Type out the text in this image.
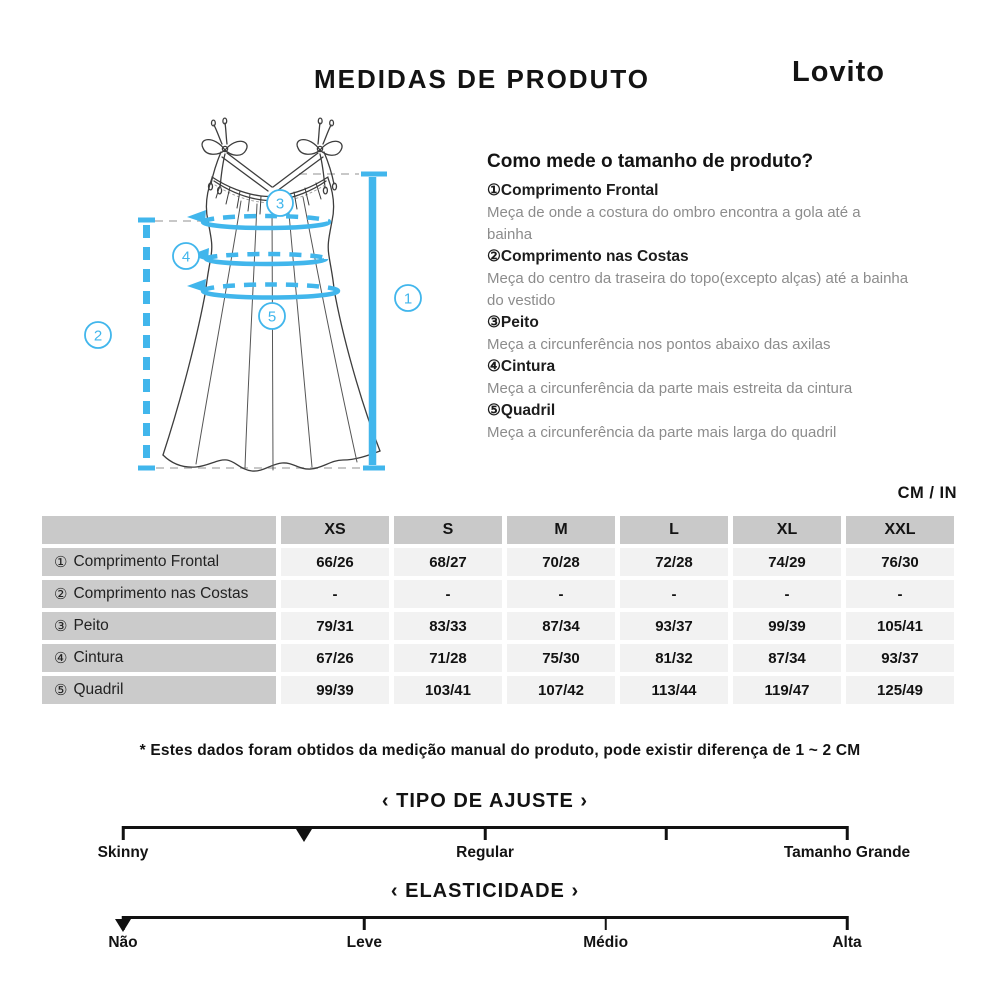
MEDIDAS DE PRODUTO	Lovito
1
2
3
4
5
Como mede o tamanho de produto?
①Comprimento Frontal
Meça de onde a costura do ombro encontra a gola até a
bainha
②Comprimento nas Costas
Meça do centro da traseira do topo(excepto alças) até a bainha
do vestido
③Peito
Meça a circunferência nos pontos abaixo das axilas
④Cintura
Meça a circunferência da parte mais estreita da cintura
⑤Quadril
Meça a circunferência da parte mais larga do quadril
CM / IN
XS	S	M	L	XL	XXL
① Comprimento Frontal	66/26	68/27	70/28	72/28	74/29	76/30
② Comprimento nas Costas	-	-	-	-	-	-
③ Peito	79/31	83/33	87/34	93/37	99/39	105/41
④ Cintura	67/26	71/28	75/30	81/32	87/34	93/37
⑤ Quadril	99/39	103/41	107/42	113/44	119/47	125/49
* Estes dados foram obtidos da medição manual do produto, pode existir diferença de 1 ~ 2 CM
‹ TIPO DE AJUSTE ›
Skinny	Regular	Tamanho Grande
‹ ELASTICIDADE ›
Não	Leve	Médio	Alta
